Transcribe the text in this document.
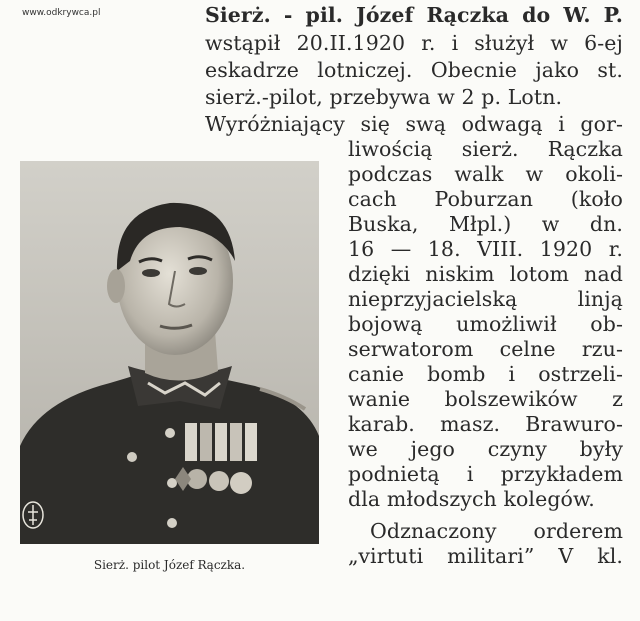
www.odkrywca.pl	Sierż. - pil. Józef Rączka do W. P.
wstąpił 20.II.1920 r. i służył w 6-ej
eskadrze lotniczej. Obecnie jako st.
sierż.-pilot, przebywa w 2 p. Lotn.
Wyróżniający się swą odwagą i gor-
liwością sierż. Rączka
podczas walk w okoli-
cach Poburzan (koło
Buska, Młpl.) w dn.
16 — 18. VIII. 1920 r.
dzięki niskim lotom nad
nieprzyjacielską linją
bojową umożliwił ob-
serwatorom celne rzu-
canie bomb i ostrzeli-
wanie bolszewików z
karab. masz. Brawuro-
we jego czyny były
podnietą i przykładem
dla młodszych kolegów.
Odznaczony orderem
„virtuti militari” V kl.
Sierż. pilot Józef Rączka.
